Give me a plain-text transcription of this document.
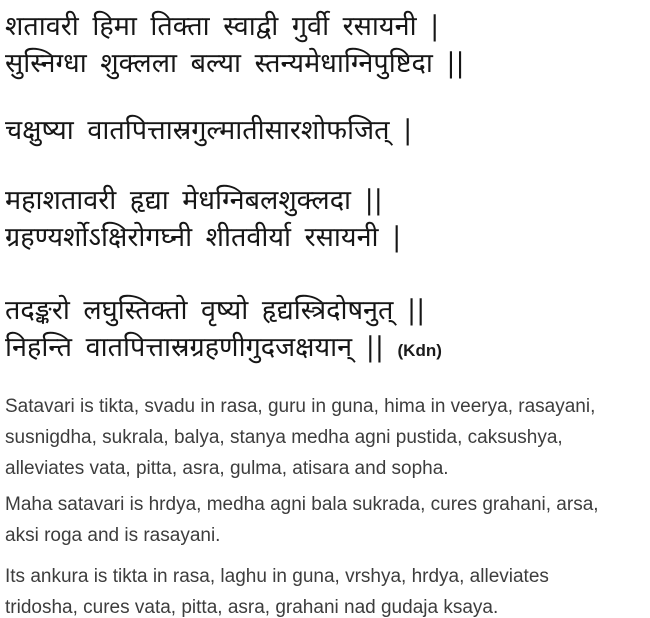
शतावरी हिमा तिक्ता स्वाद्वी गुर्वी रसायनी |
सुस्निग्धा शुक्लला बल्या स्तन्यमेधाग्निपुष्टिदा ||
चक्षुष्या वातपित्तास्रगुल्मातीसारशोफजित् |
महाशतावरी हृद्या मेधग्निबलशुक्लदा ||
ग्रहण्यर्शोऽक्षिरोगघ्नी शीतवीर्या रसायनी |
तदङ्करो लघुस्तिक्तो वृष्यो हृद्यस्त्रिदोषनुत् ||
निहन्ति वातपित्तास्रग्रहणीगुदजक्षयान् || (Kdn)
Satavari is tikta, svadu in rasa, guru in guna, hima in veerya, rasayani,
susnigdha, sukrala, balya, stanya medha agni pustida, caksushya,
alleviates vata, pitta, asra, gulma, atisara and sopha.
Maha satavari is hrdya, medha agni bala sukrada, cures grahani, arsa,
aksi roga and is rasayani.
Its ankura is tikta in rasa, laghu in guna, vrshya, hrdya, alleviates
tridosha, cures vata, pitta, asra, grahani nad gudaja ksaya.
